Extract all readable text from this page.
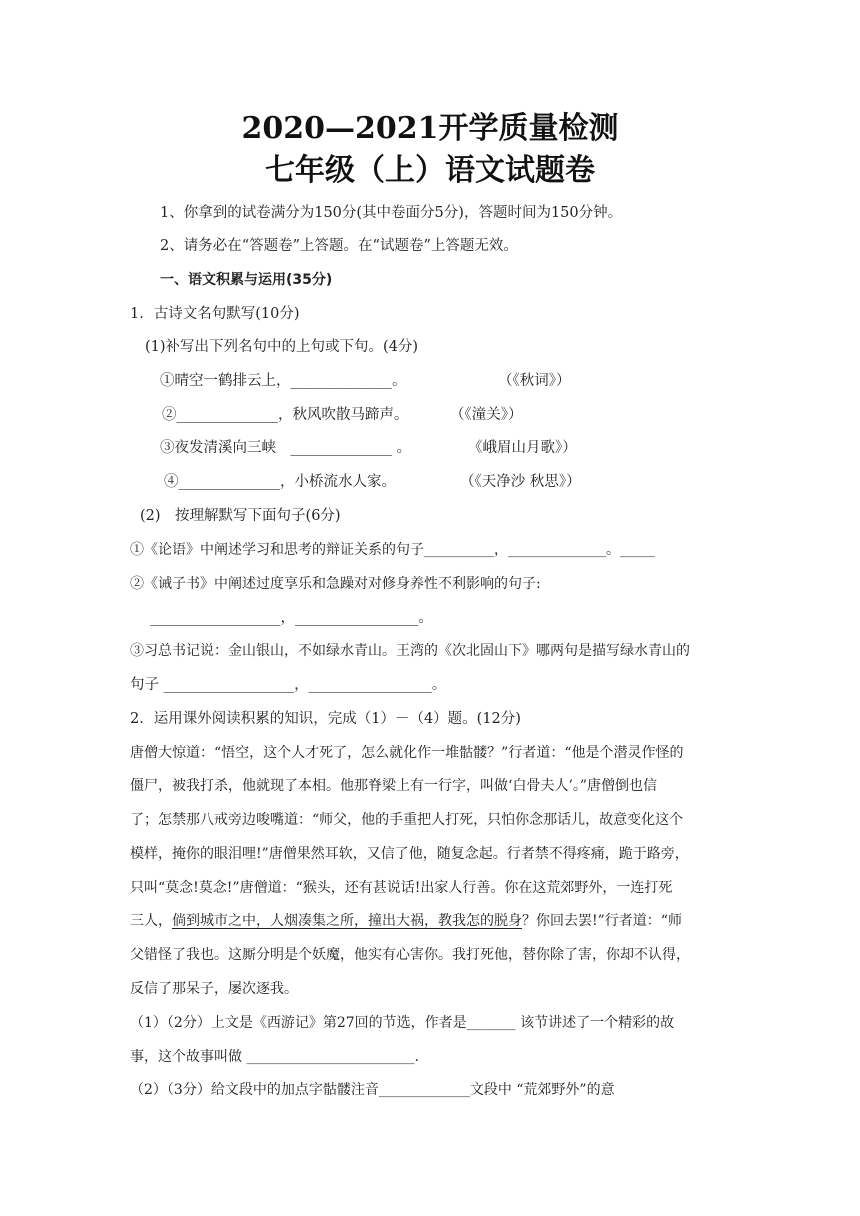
2020—2021开学质量检测
七年级（上）语文试题卷
1、你拿到的试卷满分为150分(其中卷面分5分)，答题时间为150分钟。
2、请务必在“答题卷”上答题。在“试题卷”上答题无效。
一、语文积累与运用(35分)
1．古诗文名句默写(10分)
(1)补写出下列名句中的上句或下句。(4分)
①晴空一鹤排云上，______________。	（《秋词》）
②______________，秋风吹散马蹄声。	（《潼关》）
③夜发清溪向三峡　______________ 。	《峨眉山月歌》）
④______________，小桥流水人家。	（《天净沙 秋思》）
(2)　按理解默写下面句子(6分)
①《论语》中阐述学习和思考的辩证关系的句子__________，______________。_____
②《诫子书》中阐述过度享乐和急躁对对修身养性不利影响的句子:
__________________，_________________。
③习总书记说：金山银山，不如绿水青山。王湾的《次北固山下》哪两句是描写绿水青山的
句子 __________________，_________________。
2．运用课外阅读积累的知识，完成（1）－（4）题。(12分)
唐僧大惊道：“悟空，这个人才死了，怎么就化作一堆骷髅？”行者道：“他是个潜灵作怪的
僵尸，被我打杀，他就现了本相。他那脊梁上有一行字，叫做‘白骨夫人’。”唐僧倒也信
了；怎禁那八戒旁边唆嘴道：“师父，他的手重把人打死，只怕你念那话儿，故意变化这个
模样，掩你的眼泪哩!”唐僧果然耳软，又信了他，随复念起。行者禁不得疼痛，跪于路旁，
只叫“莫念!莫念!”唐僧道：“猴头，还有甚说话!出家人行善。你在这荒郊野外，一连打死
三人，倘到城市之中，人烟凑集之所，撞出大祸，教我怎的脱身？你回去罢!”行者道：“师
父错怪了我也。这厮分明是个妖魔，他实有心害你。我打死他，替你除了害，你却不认得，
反信了那呆子，屡次逐我。
（1）（2分）上文是《西游记》第27回的节选，作者是_______ 该节讲述了一个精彩的故
事，这个故事叫做 ________________________.
（2）（3分）给文段中的加点字骷髅注音_____________文段中 “荒郊野外”的意
